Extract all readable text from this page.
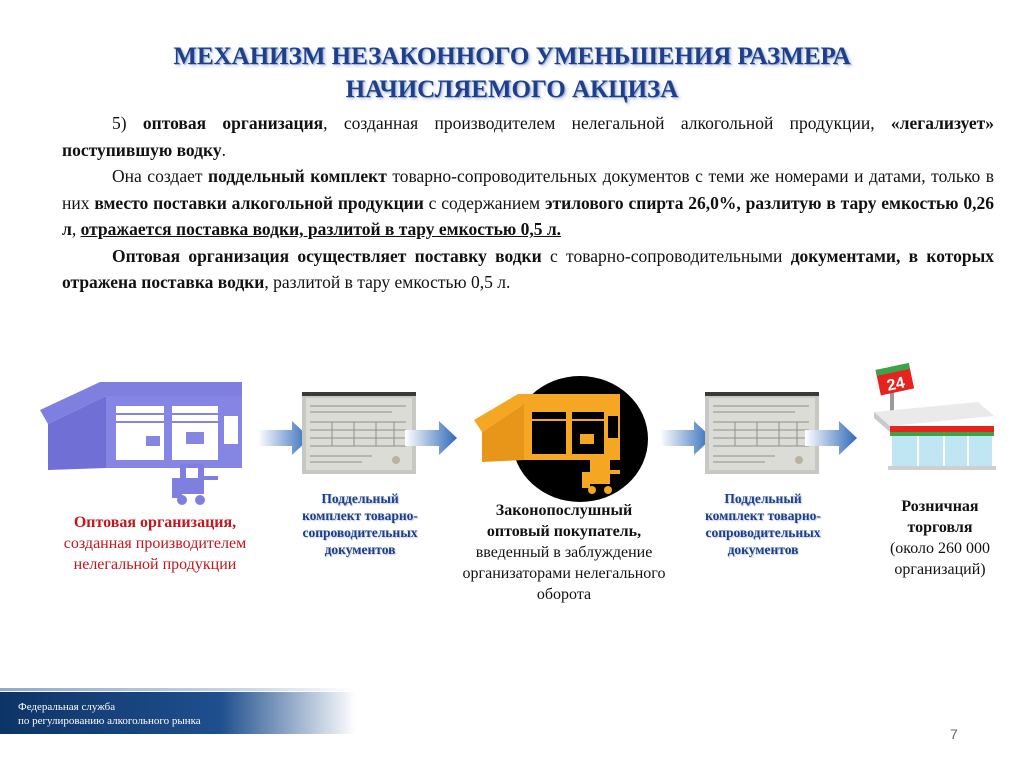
МЕХАНИЗМ НЕЗАКОННОГО УМЕНЬШЕНИЯ РАЗМЕРА
НАЧИСЛЯЕМОГО АКЦИЗА

5) оптовая организация, созданная производителем нелегальной алкогольной продукции, «легализует» поступившую водку.

Она создает поддельный комплект товарно-сопроводительных документов с теми же номерами и датами, только в них вместо поставки алкогольной продукции с содержанием этилового спирта 26,0%, разлитую в тару емкостью 0,26 л, отражается поставка водки, разлитой в тару емкостью 0,5 л.

Оптовая организация осуществляет поставку водки с товарно-сопроводительными документами, в которых отражена поставка водки, разлитой в тару емкостью 0,5 л.

24
Оптовая организация,
созданная производителем
нелегальной продукции
Поддельный
комплект товарно-
сопроводительных
документов
Законопослушный
оптовый покупатель,
введенный в заблуждение
организаторами нелегального
оборота
Поддельный
комплект товарно-
сопроводительных
документов
Розничная
торговля
(около 260 000
организаций)
Федеральная служба
по регулированию алкогольного рынка
7
